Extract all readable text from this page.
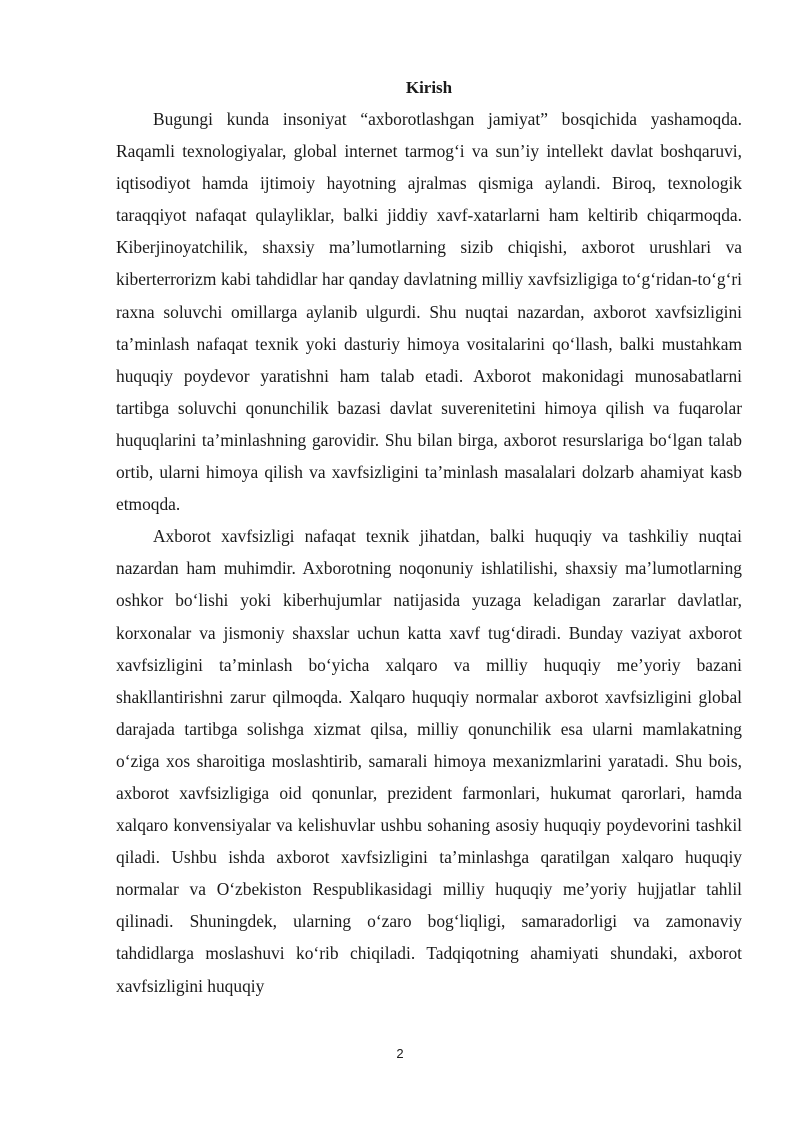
Kirish

Bugungi kunda insoniyat “axborotlashgan jamiyat” bosqichida yashamoqda. Raqamli texnologiyalar, global internet tarmog‘i va sun’iy intellekt davlat boshqaruvi, iqtisodiyot hamda ijtimoiy hayotning ajralmas qismiga aylandi. Biroq, texnologik taraqqiyot nafaqat qulayliklar, balki jiddiy xavf-xatarlarni ham keltirib chiqarmoqda. Kiberjinoyatchilik, shaxsiy ma’lumotlarning sizib chiqishi, axborot urushlari va kiberterrorizm kabi tahdidlar har qanday davlatning milliy xavfsizligiga to‘g‘ridan-to‘g‘ri raxna soluvchi omillarga aylanib ulgurdi. Shu nuqtai nazardan, axborot xavfsizligini ta’minlash nafaqat texnik yoki dasturiy himoya vositalarini qo‘llash, balki mustahkam huquqiy poydevor yaratishni ham talab etadi. Axborot makonidagi munosabatlarni tartibga soluvchi qonunchilik bazasi davlat suverenitetini himoya qilish va fuqarolar huquqlarini ta’minlashning garovidir. Shu bilan birga, axborot resurslariga bo‘lgan talab ortib, ularni himoya qilish va xavfsizligini ta’minlash masalalari dolzarb ahamiyat kasb etmoqda.

Axborot xavfsizligi nafaqat texnik jihatdan, balki huquqiy va tashkiliy nuqtai nazardan ham muhimdir. Axborotning noqonuniy ishlatilishi, shaxsiy ma’lumotlarning oshkor bo‘lishi yoki kiberhujumlar natijasida yuzaga keladigan zararlar davlatlar, korxonalar va jismoniy shaxslar uchun katta xavf tug‘diradi. Bunday vaziyat axborot xavfsizligini ta’minlash bo‘yicha xalqaro va milliy huquqiy me’yoriy bazani shakllantirishni zarur qilmoqda. Xalqaro huquqiy normalar axborot xavfsizligini global darajada tartibga solishga xizmat qilsa, milliy qonunchilik esa ularni mamlakatning o‘ziga xos sharoitiga moslashtirib, samarali himoya mexanizmlarini yaratadi. Shu bois, axborot xavfsizligiga oid qonunlar, prezident farmonlari, hukumat qarorlari, hamda xalqaro konvensiyalar va kelishuvlar ushbu sohaning asosiy huquqiy poydevorini tashkil qiladi. Ushbu ishda axborot xavfsizligini ta’minlashga qaratilgan xalqaro huquqiy normalar va O‘zbekiston Respublikasidagi milliy huquqiy me’yoriy hujjatlar tahlil qilinadi. Shuningdek, ularning o‘zaro bog‘liqligi, samaradorligi va zamonaviy tahdidlarga moslashuvi ko‘rib chiqiladi. Tadqiqotning ahamiyati shundaki, axborot xavfsizligini huquqiy

2
